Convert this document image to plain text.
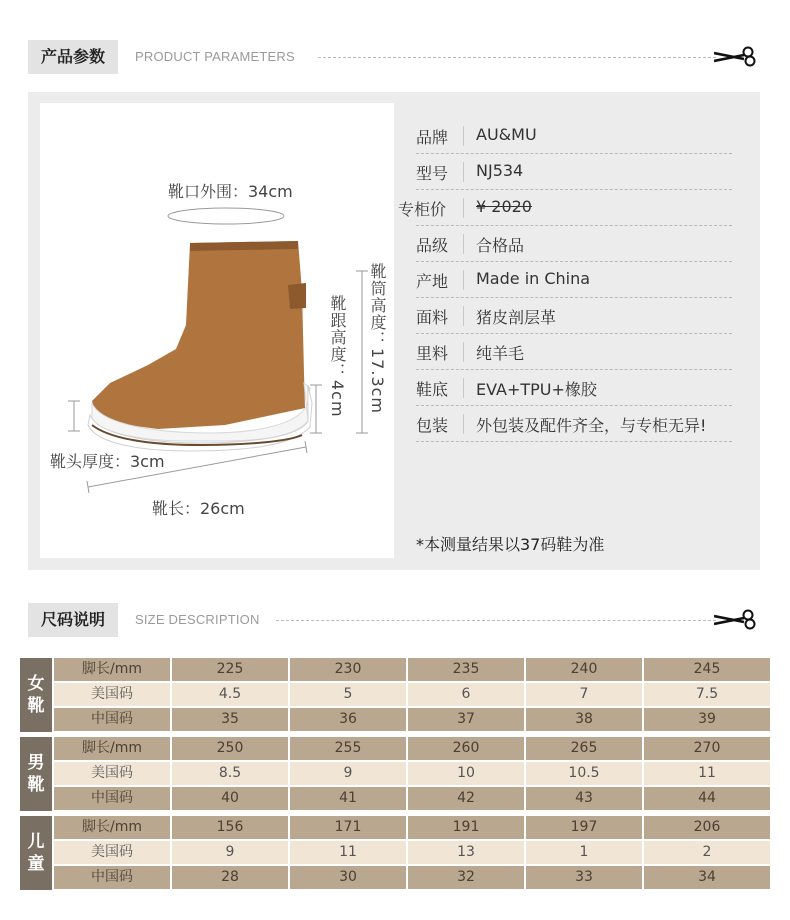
产品参数	PRODUCT PARAMETERS
靴口外围：34cm
靴筒高度：17.3cm
靴跟高度：4cm
靴头厚度：3cm
靴长：26cm
品牌	AU&MU
型号	NJ534
专柜价	¥ 2020
品级	合格品
产地	Made in China
面料	猪皮剖层革
里料	纯羊毛
鞋底	EVA+TPU+橡胶
包装	外包装及配件齐全，与专柜无异!
*本测量结果以37码鞋为准
尺码说明	SIZE DESCRIPTION
女
靴
脚长/mm	225	230	235	240	245
美国码	4.5	5	6	7	7.5
中国码	35	36	37	38	39
男
靴
脚长/mm	250	255	260	265	270
美国码	8.5	9	10	10.5	11
中国码	40	41	42	43	44
儿
童
脚长/mm	156	171	191	197	206
美国码	9	11	13	1	2
中国码	28	30	32	33	34
